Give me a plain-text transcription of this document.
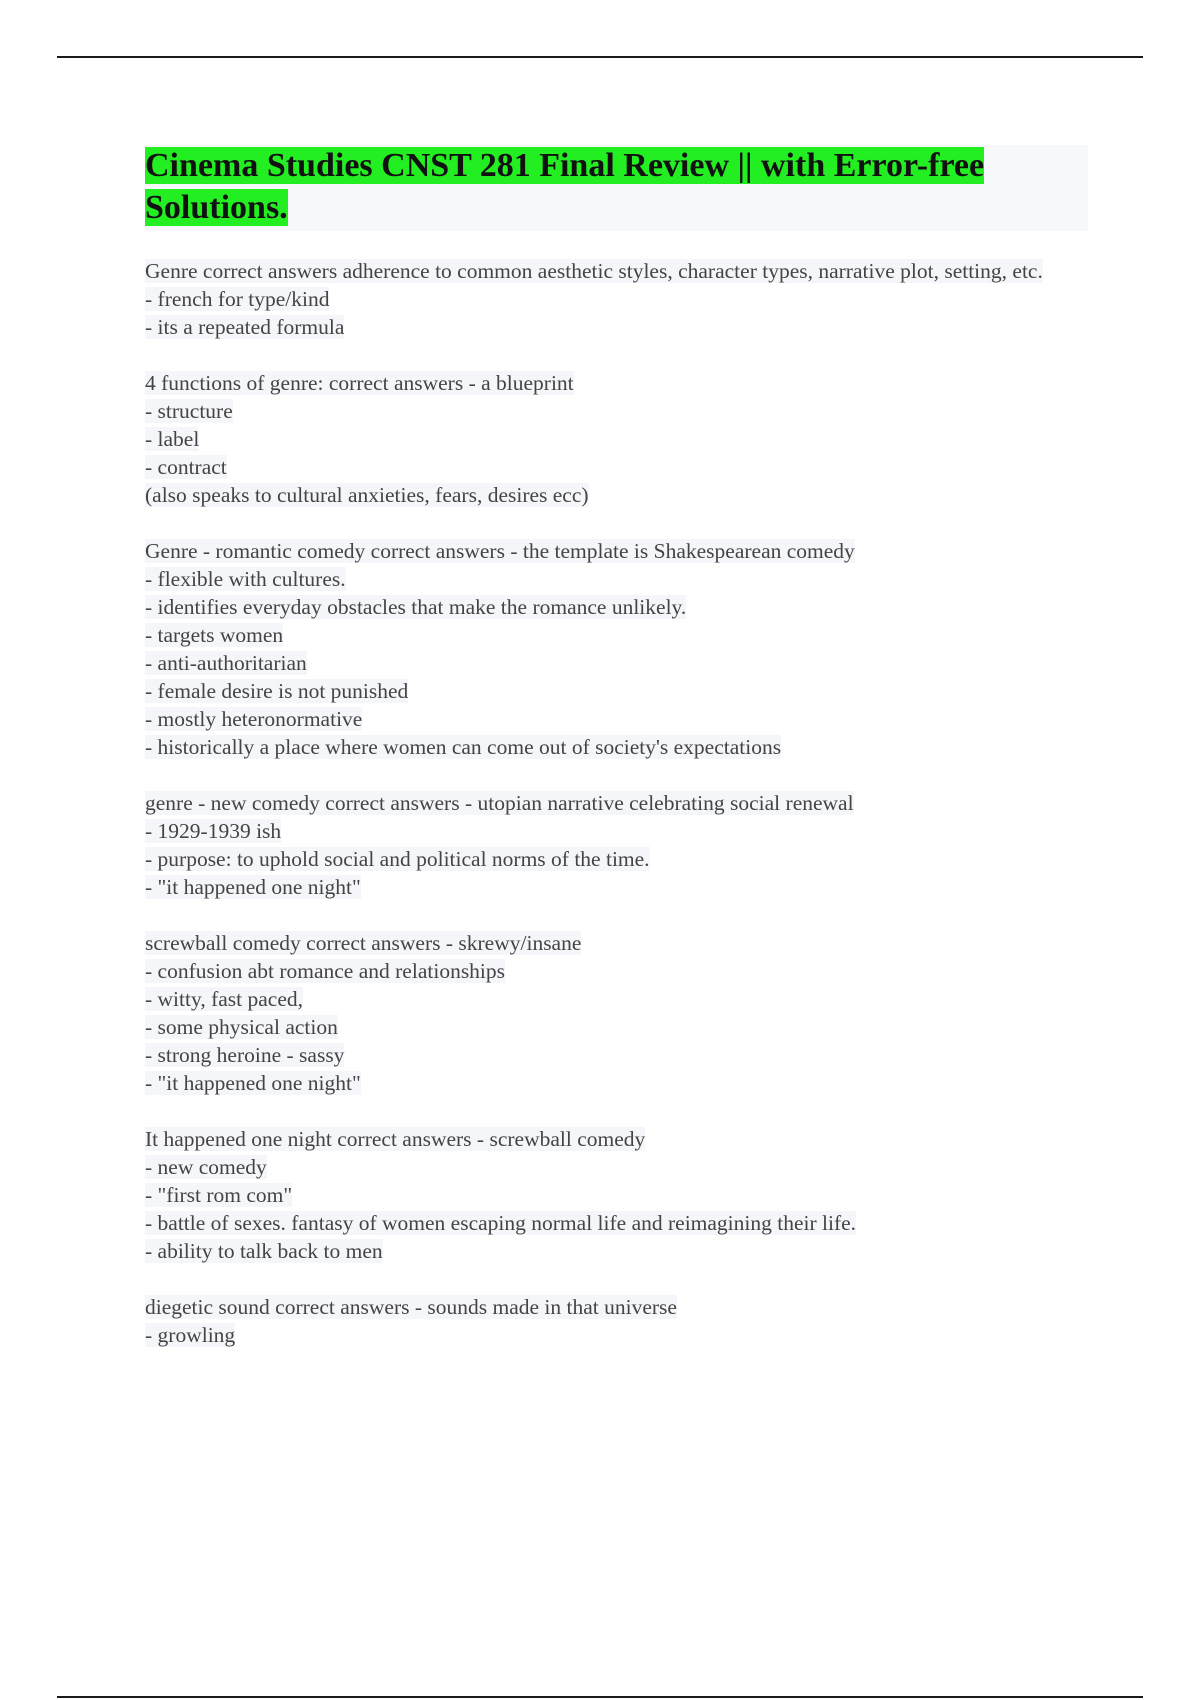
Cinema Studies CNST 281 Final Review || with Error-free Solutions.
Genre correct answers adherence to common aesthetic styles, character types, narrative plot, setting, etc.
- french for type/kind
- its a repeated formula
4 functions of genre: correct answers - a blueprint
- structure
- label
- contract
(also speaks to cultural anxieties, fears, desires ecc)
Genre - romantic comedy correct answers - the template is Shakespearean comedy
- flexible with cultures.
- identifies everyday obstacles that make the romance unlikely.
- targets women
- anti-authoritarian
- female desire is not punished
- mostly heteronormative
- historically a place where women can come out of society's expectations
genre - new comedy correct answers - utopian narrative celebrating social renewal
- 1929-1939 ish
- purpose: to uphold social and political norms of the time.
- "it happened one night"
screwball comedy correct answers - skrewy/insane
- confusion abt romance and relationships
- witty, fast paced,
- some physical action
- strong heroine - sassy
- "it happened one night"
It happened one night correct answers - screwball comedy
- new comedy
- "first rom com"
- battle of sexes. fantasy of women escaping normal life and reimagining their life.
- ability to talk back to men
diegetic sound correct answers - sounds made in that universe
- growling
